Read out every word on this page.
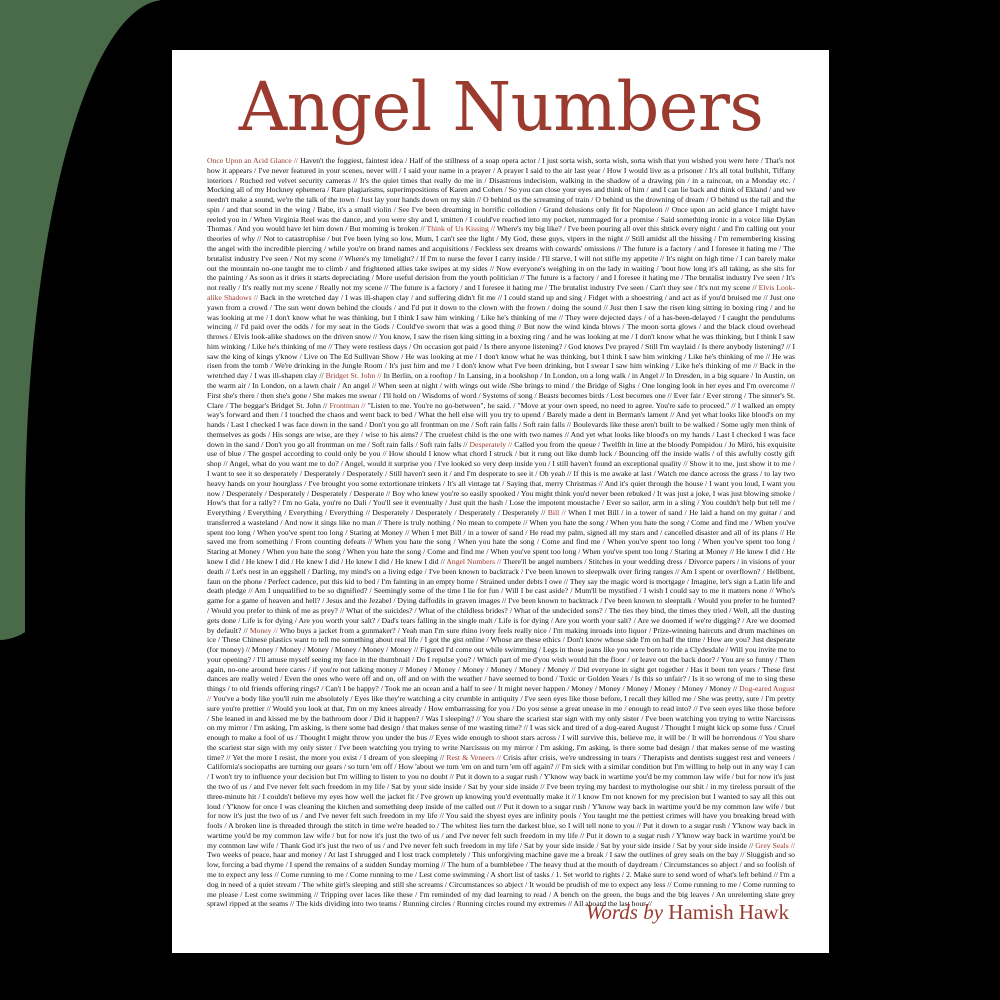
Angel Numbers
Once Upon an Acid Glance // Haven't the foggiest, faintest idea / Half of the stillness of a soap opera actor / I just sorta wish, sorta wish, sorta wish that you wished you were here / That's not how it appears / I've never featured in your scenes, never will / I said your name in a prayer / A prayer I said to the air last year / How I would live as a prisoner / It's all total bullshit, Tiffany interiors / Ruched red velvet security cameras // It's the quiet times that really do me in / Disastrous indecision, walking in the shadow of a drawing pin / in a raincoat, on a Monday etc. / Mocking all of my Hockney ephemera / Rare plagiarisms, superimpositions of Karen and Cohen / So you can close your eyes and think of him / and I can lie back and think of Ekland / and we needn't make a sound, we're the talk of the town / Just lay your hands down on my skin // O behind us the screaming of train / O behind us the drowning of dream / O behind us the tail and the spin / and that sound in the wing / Babe, it's a small violin / See I've been dreaming in horrific collodion / Grand delusions only fit for Napoleon // Once upon an acid glance I might have reeled you in / When Virginia Reel was the dance, and you were shy and I, smitten / I could've reached into my pocket, rummaged for a promise / Said something ironic in a voice like Dylan Thomas / And you would have let him down / But morning is broken // Think of Us Kissing // Where's my big like? / I've been pouring all over this shtick every night / and I'm calling out your theories of why // Not to catastrophise / but I've been lying so low, Mum, I can't see the light / My God, these guys, vipers in the night // Still amidst all the hissing / I'm remembering kissing the angel with the incredible piercing / while you're on brand names and acquisitions / Feckless sex dreams with cowards' omissions // The future is a factory / and I foresee it hating me / The brutalist industry I've seen / Not my scene // Where's my limelight? / If I'm to nurse the fever I carry inside / I'll starve, I will not stifle my appetite // It's night on high time / I can barely make out the mountain no-one taught me to climb / and frightened allies take swipes at my sides // Now everyone's weighing in on the lady in waiting / 'bout how long it's all taking, as she sits for the painting / As soon as it dries it starts depreciating / More useful derision from the youth politician // The future is a factory / and I foresee it hating me / The brutalist industry I've seen / It's not really / It's really not my scene / Really not my scene // The future is a factory / and I foresee it hating me / The brutalist industry I've seen / Can't they see / It's not my scene // Elvis Look-alike Shadows // Back in the wretched day / I was ill-shapen clay / and suffering didn't fit me // I could stand up and sing / Fidget with a shoestring / and act as if you'd bruised me // Just one yawn from a crowd / The sun went down behind the clouds / and I'd put it down to the clown with the frown / doing the sound // Just then I saw the risen king sitting in boxing ring / and he was looking at me / I don't know what he was thinking, but I think I saw him winking / Like he's thinking of me // They were dejected days / of a has-been-delayed / I caught the pendulums wincing // I'd paid over the odds / for my seat in the Gods / Could've sworn that was a good thing // But now the wind kinda blows / The moon sorta glows / and the black cloud overhead throws / Elvis look-alike shadows on the driven snow // You know, I saw the risen king sitting in a boxing ring / and he was looking at me / I don't know what he was thinking, but I think I saw him winking / Like he's thinking of me // They were restless days / On occasion got paid / Is there anyone listening? / God knows I've prayed / Still I'm waylaid / Is there anybody listening? // I saw the king of kings y'know / Live on The Ed Sullivan Show / He was looking at me / I don't know what he was thinking, but I think I saw him winking / Like he's thinking of me // He was risen from the tomb / We're drinking in the Jungle Room / It's just him and me / I don't know what I've been drinking, but I swear I saw him winking / Like he's thinking of me // Back in the wretched day / I was ill-shapen clay // Bridget St. John // In Berlin, on a rooftop / In Lansing, in a bookshop / In London, on a long walk / in Angel // In Dresden, in a big square / In Austin, on the warm air / In London, on a lawn chair / An angel // When seen at night / with wings out wide /She brings to mind / the Bridge of Sighs / One longing look in her eyes and I'm overcome // First she's there / then she's gone / She makes me swear / I'll hold on / Wisdoms of word / Systems of song / Beasts becomes birds / Lost becomes one // Ever fair / Ever strong / The sinner's St. Clare / The beggar's Bridget St. John // Frontman // "Listen to me. You're no go-between", he said. / "Move at your own speed, no need to agree. You're safe to proceed." // I walked an empty way's forward and then / I touched the chaos and went back to bed / What the hell else will you try to upend / Barely made a dent in Berman's lament // And yet what looks like blood's on my hands / Last I checked I was face down in the sand / Don't you go all frontman on me / Soft rain falls / Soft rain falls // Boulevards like these aren't built to be walked / Some ugly men think of themselves as gods / His songs are wise, are they / wise to his aims? / The cruelest child is the one with two names // And yet what looks like blood's on my hands / Last I checked I was face down in the sand / Don't you go all frontman on me / Soft rain falls / Soft rain falls // Desperately // Called you from the queue / Twelfth in line at the bloody Pompidou / Jo Miró, his exquisite use of blue / The gospel according to could only be you // How should I know what chord I struck / but it rung out like dumb luck / Bouncing off the inside walls / of this awfully costly gift shop // Angel, what do you want me to do? / Angel, would it surprise you / I've looked so very deep inside you / I still haven't found an exceptional quality // Show it to me, just show it to me / I want to see it so desperately / Desperately / Desperately / Still haven't seen it / and I'm desperate to see it / Oh yeah // If this is me awake at last / Watch me dance across the grass / to lay two heavy hands on your hourglass / I've brought you some extortionate trinkets / It's all vintage tat / Saying that, merry Christmas // And it's quiet through the house / I want you loud, I want you now / Desperately / Desperately / Desperately / Desperate // Boy who knew you're so easily spooked / You might think you'd never been rebuked / It was just a joke, I was just blowing smoke / How's that for a rally? / I'm no Gala, you're no Dali / You'll see it eventually / Just quit the hash / Lose the impotent moustache / Ever so sailor, arm in a sling / You couldn't help but tell me / Everything / Everything / Everything / Everything // Desperately / Desperately / Desperately / Desperately // Bill // When I met Bill / in a tower of sand / He laid a hand on my guitar / and transferred a wasteland / And now it sings like no man // There is truly nothing / No mean to compete // When you hate the song / When you hate the song / Come and find me / When you've spent too long / When you've spent too long / Staring at Money // When I met Bill / in a tower of sand / He read my palm, signed all my stars and / cancelled disaster and all of its plans // He saved me from something / From counting defeats // When you hate the song / When you hate the song / Come and find me / When you've spent too long / When you've spent too long / Staring at Money / When you hate the song / When you hate the song / Come and find me / When you've spent too long / When you've spent too long / Staring at Money // He knew I did / He knew I did / He knew I did / He knew I did / He knew I did / He knew I did // Angel Numbers // There'll be angel numbers / Stitches in your wedding dress / Divorce papers / in visions of your death // Let's nest in an eggshell / Darling, my mind's on a living edge / I've been known to backtrack / I've been known to sleepwalk over firing ranges // Am I spent or overflown? / Hellbent, faun on the phone / Perfect cadence, put this kid to bed / I'm fainting in an empty home / Strained under debts I owe // They say the magic word is mortgage / Imagine, let's sign a Latin life and death pledge // Am I unqualified to be so dignified? / Seemingly some of the time I lie for fun / Will I be cast aside? / Mum'll be mystified / I wish I could say to me it matters none // Who's game for a game of heaven and hell? / Jesus and the Jezabel / Dying daffodils in graven images // I've been known to backtrack / I've been known to sleeptalk / Would you prefer to be hunted? / Would you prefer to think of me as prey? // What of the suicides? / What of the childless brides? / What of the undecided sons? / The ties they bind, the times they tried / Well, all the dusting gets done / Life is for dying / Are you worth your salt? / Dad's tears falling in the single malt / Life is for dying / Are you worth your salt? / Are we doomed if we're digging? / Are we doomed by default? // Money // Who buys a jacket from a gunmaker? / Yeah man I'm sure rhino ivory feels really nice / I'm making inroads into liquor / Prize-winning haircuts and drum machines on ice / These Chinese plastics want to tell me something about real life / I got the gist online / Whose are these ethics / Don't know whose side I'm on half the time / How are you? Just desperate (for money) // Money / Money / Money / Money / Money / Money // Figured I'd come out while swimming / Legs in those jeans like you were born to ride a Clydesdale / Will you invite me to your opening? / I'll amuse myself seeing my face in the thumbnail / Do I repulse you? / Which part of me d'you wish would hit the floor / or leave out the back door? / You are so funny / Then again, no-one around here cares / if you're not talking money // Money / Money / Money / Money / Money / Money // Did everyone in sight get together / Has it been ten years / These first dances are really weird / Even the ones who were off and on, off and on with the weather / have seemed to bond / Toxic or Golden Years / Is this so unfair? / Is it so wrong of me to sing these things / to old friends offering rings? / Can't I be happy? / Took me an ocean and a half to see / It might never happen / Money / Money / Money / Money / Money / Money // Dog-eared August // You've a body like you'll ruin me absolutely / Eyes like they're watching a city crumble in antiquity / I've seen eyes like those before, I recall they killed me / She was pretty, sure / I'm pretty sure you're prettier // Would you look at that, I'm on my knees already / How embarrassing for you / Do you sense a great unease in me / enough to read into? // I've seen eyes like those before / She leaned in and kissed me by the bathroom door / Did it happen? / Was I sleeping? // You share the scariest star sign with my only sister / I've been watching you trying to write Narcissus on my mirror / I'm asking, I'm asking, is there some bad design / that makes sense of me wasting time? // I was sick and tired of a dog-eared August / Thought I might kick up some fuss / Cruel enough to make a fool of us / Thought I might throw you under the bus // Eyes wide enough to shoot stars across / I will survive this, believe me, it will be / It will be horrendous // You share the scariest star sign with my only sister / I've been watching you trying to write Narcissus on my mirror / I'm asking, I'm asking, is there some bad design / that makes sense of me wasting time? // Yet the more I resist, the more you exist / I dream of you sleeping // Rest & Veneers // Crisis after crisis, we're undressing in tears / Therapists and dentists suggest rest and veneers / California's sociopaths are turning our gears / so turn 'em off / How 'about we turn 'em on and turn 'em off again? // I'm sick with a similar condition but I'm willing to help out in any way I can / I won't try to influence your decision but I'm willing to listen to you no doubt // Put it down to a sugar rush / Y'know way back in wartime you'd be my common law wife / but for now it's just the two of us / and I've never felt such freedom in my life / Sat by your side inside / Sat by your side inside // I've been trying my hardest to mythologise our shit / in my tireless pursuit of the three-minute hit / I couldn't believe my eyes how well the jacket fit / I've grown up knowing you'd eventually make it // I know I'm not known for my precision but I wanted to say all this out loud / Y'know for once I was cleaning the kitchen and something deep inside of me called out // Put it down to a sugar rush / Y'know way back in wartime you'd be my common law wife / but for now it's just the two of us / and I've never felt such freedom in my life // You said the shyest eyes are infinity pools / You taught me the pettiest crimes will have you breaking bread with fools / A broken line is threaded through the stitch in time we're headed to / The whitest lies turn the darkest blue, so I will tell none to you // Put it down to a sugar rush / Y'know way back in wartime you'd be my common law wife / but for now it's just the two of us / and I've never felt such freedom in my life // Put it down to a sugar rush / Y'know way back in wartime you'd be my common law wife / Thank God it's just the two of us / and I've never felt such freedom in my life / Sat by your side inside / Sat by your side inside / Sat by your side inside // Grey Seals // Two weeks of peace, haar and money / At last I shrugged and I lost track completely / This unforgiving machine gave me a break / I saw the outlines of grey seals on the bay // Sluggish and so low, forcing a bad rhyme / I spend the remains of a sudden Sunday morning // The hum of a bumblebee / The heavy thud at the mouth of daydream / Circumstances so abject / and so foolish of me to expect any less // Come running to me / Come running to me / Lest come swimming / A short list of tasks / 1. Set world to rights / 2. Make sure to send word of what's left behind // I'm a dog in need of a quiet stream / The white girl's sleeping and still she screams / Circumstances so abject / It would be prudish of me to expect any less // Come running to me / Come running to me please / Lest come swimming // Tripping over laces like these / I'm reminded of my dad learning to read / A bench on the green, the bugs and the big leaves / An unrelenting slate grey sprawl ripped at the seams // The kids dividing into two teams / Running circles / Running circles round my extremes // All aboard the last hour //
Words by Hamish Hawk
